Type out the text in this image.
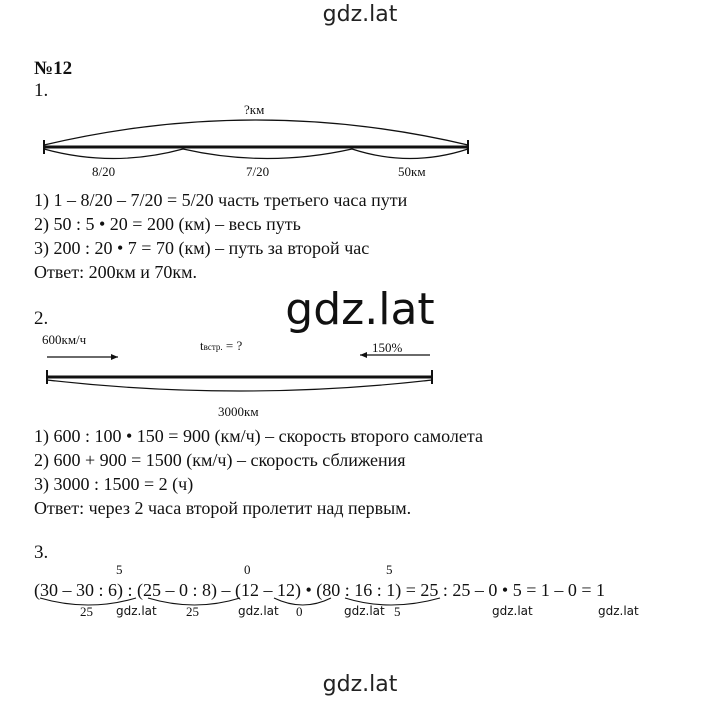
gdz.lat
gdz.lat
gdz.lat
№12
1.
?км
8/20	7/20	50км
1) 1 – 8/20 – 7/20 = 5/20 часть третьего часа пути
2) 50 : 5 • 20 = 200 (км) – весь путь
3) 200 : 20 • 7 = 70 (км) – путь за второй час
Ответ: 200км и 70км.
2.
600км/ч	tвстр. = ?	150%
3000км
1) 600 : 100 • 150 = 900 (км/ч) – скорость второго самолета
2) 600 + 900 = 1500 (км/ч) – скорость сближения
3) 3000 : 1500 = 2 (ч)
Ответ: через 2 часа второй пролетит над первым.
3.
5	0	5
(30 – 30 : 6) : (25 – 0 : 8) – (12 – 12) • (80 : 16 : 1) = 25 : 25 – 0 • 5 = 1 – 0 = 1
25	25	0	5
gdz.lat	gdz.lat	gdz.lat	gdz.lat	gdz.lat
